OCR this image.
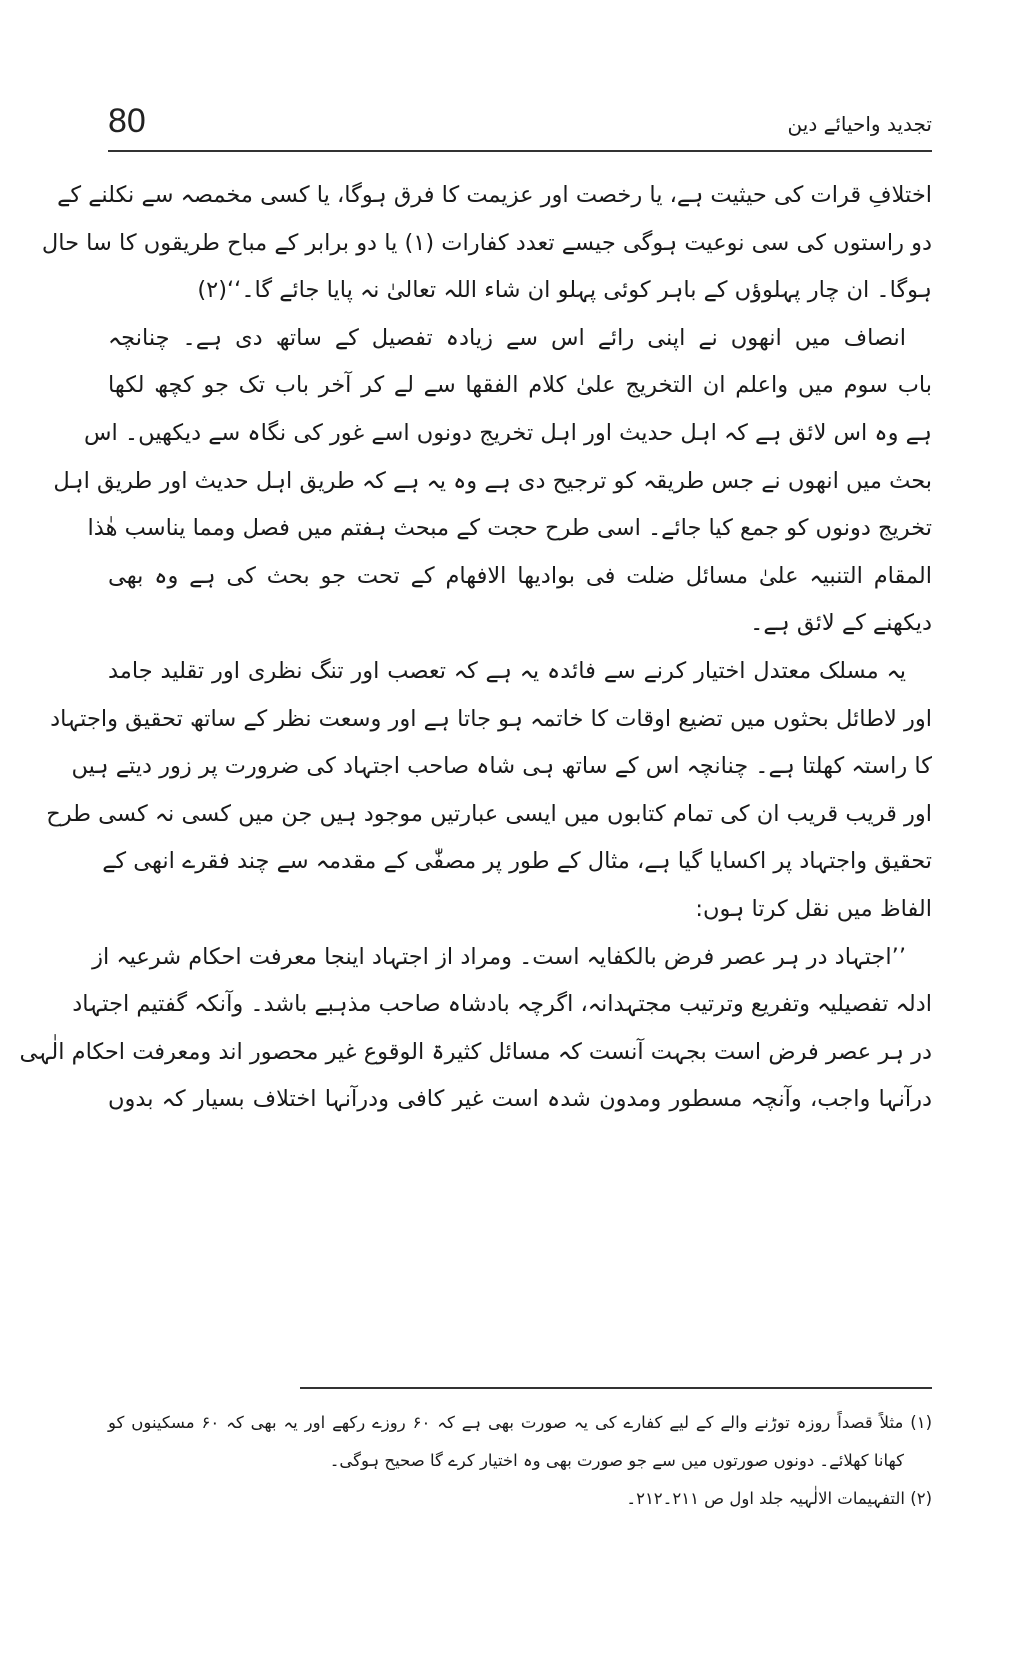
80	تجدید واحیائے دین
اختلافِ قرات کی حیثیت ہے، یا رخصت اور عزیمت کا فرق ہوگا، یا کسی مخمصہ سے نکلنے کے
دو راستوں کی سی نوعیت ہوگی جیسے تعدد کفارات (۱) یا دو برابر کے مباح طریقوں کا سا حال
ہوگا۔ ان چار پہلوؤں کے باہر کوئی پہلو ان شاء اللہ تعالیٰ نہ پایا جائے گا۔‘‘(۲)
انصاف میں انھوں نے اپنی رائے اس سے زیادہ تفصیل کے ساتھ دی ہے۔ چنانچہ
باب سوم میں واعلم ان التخریج علیٰ کلام الفقھا سے لے کر آخر باب تک جو کچھ لکھا
ہے وہ اس لائق ہے کہ اہل حدیث اور اہل تخریج دونوں اسے غور کی نگاہ سے دیکھیں۔ اس
بحث میں انھوں نے جس طریقہ کو ترجیح دی ہے وہ یہ ہے کہ طریق اہل حدیث اور طریق اہل
تخریج دونوں کو جمع کیا جائے۔ اسی طرح حجت کے مبحث ہفتم میں فصل ومما یناسب ھٰذا
المقام التنبیہ علیٰ مسائل ضلت فی بوادیھا الافھام کے تحت جو بحث کی ہے وہ بھی
دیکھنے کے لائق ہے۔
یہ مسلک معتدل اختیار کرنے سے فائدہ یہ ہے کہ تعصب اور تنگ نظری اور تقلید جامد
اور لاطائل بحثوں میں تضیع اوقات کا خاتمہ ہو جاتا ہے اور وسعت نظر کے ساتھ تحقیق واجتہاد
کا راستہ کھلتا ہے۔ چنانچہ اس کے ساتھ ہی شاہ صاحب اجتہاد کی ضرورت پر زور دیتے ہیں
اور قریب قریب ان کی تمام کتابوں میں ایسی عبارتیں موجود ہیں جن میں کسی نہ کسی طرح
تحقیق واجتہاد پر اکسایا گیا ہے، مثال کے طور پر مصفّٰی کے مقدمہ سے چند فقرے انھی کے
الفاظ میں نقل کرتا ہوں:
’’اجتہاد در ہر عصر فرض بالکفایہ است۔ ومراد از اجتہاد اینجا معرفت احکام شرعیہ از
ادلہ تفصیلیہ وتفریع وترتیب مجتہدانہ، اگرچہ بادشاہ صاحب مذہبے باشد۔ وآنکہ گفتیم اجتہاد
در ہر عصر فرض است بجہت آنست کہ مسائل کثیرۃ الوقوع غیر محصور اند ومعرفت احکام الٰہی
درآنہا واجب، وآنچہ مسطور ومدون شدہ است غیر کافی ودرآنہا اختلاف بسیار کہ بدوں
(۱) مثلاً قصداً روزہ توڑنے والے کے لیے کفارے کی یہ صورت بھی ہے کہ ۶۰ روزے رکھے اور یہ بھی کہ ۶۰ مسکینوں کو
کھانا کھلائے۔ دونوں صورتوں میں سے جو صورت بھی وہ اختیار کرے گا صحیح ہوگی۔
(۲) التفہیمات الالٰہیہ جلد اول ص ۲۱۱۔۲۱۲۔
